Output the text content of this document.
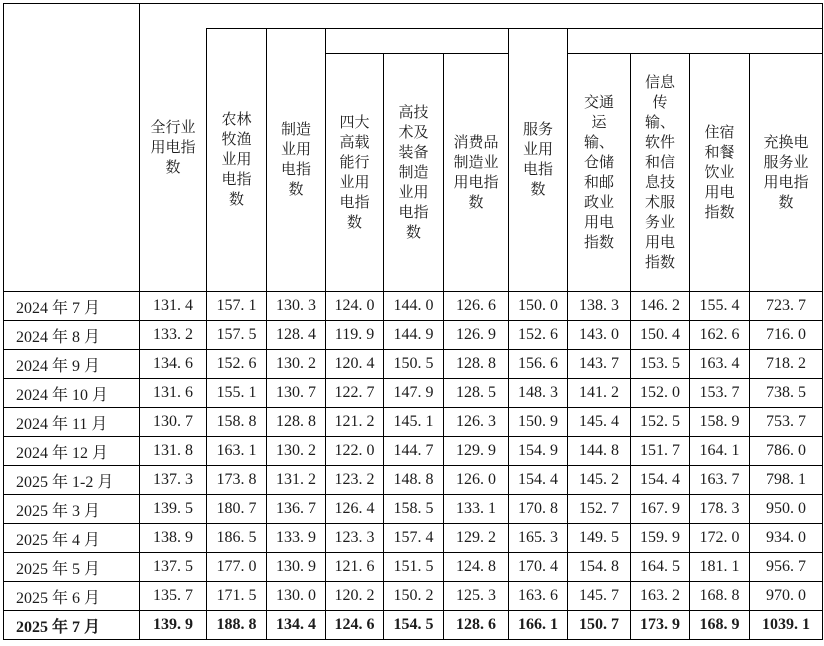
	全行业用电指数										
		农林牧渔业用电指数	制造业用电指数				服务业用电指数				
				四大高载能行业用电指数	高技术及装备制造业用电指数	消费品制造业用电指数		交通运输、仓储和邮政业用电指数	信息传输、软件和信息技术服务业用电指数	住宿和餐饮业用电指数	充换电服务业用电指数
2024 年 7 月	131. 4	157. 1	130. 3	124. 0	144. 0	126. 6	150. 0	138. 3	146. 2	155. 4	723. 7
2024 年 8 月	133. 2	157. 5	128. 4	119. 9	144. 9	126. 9	152. 6	143. 0	150. 4	162. 6	716. 0
2024 年 9 月	134. 6	152. 6	130. 2	120. 4	150. 5	128. 8	156. 6	143. 7	153. 5	163. 4	718. 2
2024 年 10 月	131. 6	155. 1	130. 7	122. 7	147. 9	128. 5	148. 3	141. 2	152. 0	153. 7	738. 5
2024 年 11 月	130. 7	158. 8	128. 8	121. 2	145. 1	126. 3	150. 9	145. 4	152. 5	158. 9	753. 7
2024 年 12 月	131. 8	163. 1	130. 2	122. 0	144. 7	129. 9	154. 9	144. 8	151. 7	164. 1	786. 0
2025 年 1-2 月	137. 3	173. 8	131. 2	123. 2	148. 8	126. 0	154. 4	145. 2	154. 4	163. 7	798. 1
2025 年 3 月	139. 5	180. 7	136. 7	126. 4	158. 5	133. 1	170. 8	152. 7	167. 9	178. 3	950. 0
2025 年 4 月	138. 9	186. 5	133. 9	123. 3	157. 4	129. 2	165. 3	149. 5	159. 9	172. 0	934. 0
2025 年 5 月	137. 5	177. 0	130. 9	121. 6	151. 5	124. 8	170. 4	154. 8	164. 5	181. 1	956. 7
2025 年 6 月	135. 7	171. 5	130. 0	120. 2	150. 2	125. 3	163. 6	145. 7	163. 2	168. 8	970. 0
2025 年 7 月	139. 9	188. 8	134. 4	124. 6	154. 5	128. 6	166. 1	150. 7	173. 9	168. 9	1039. 1
